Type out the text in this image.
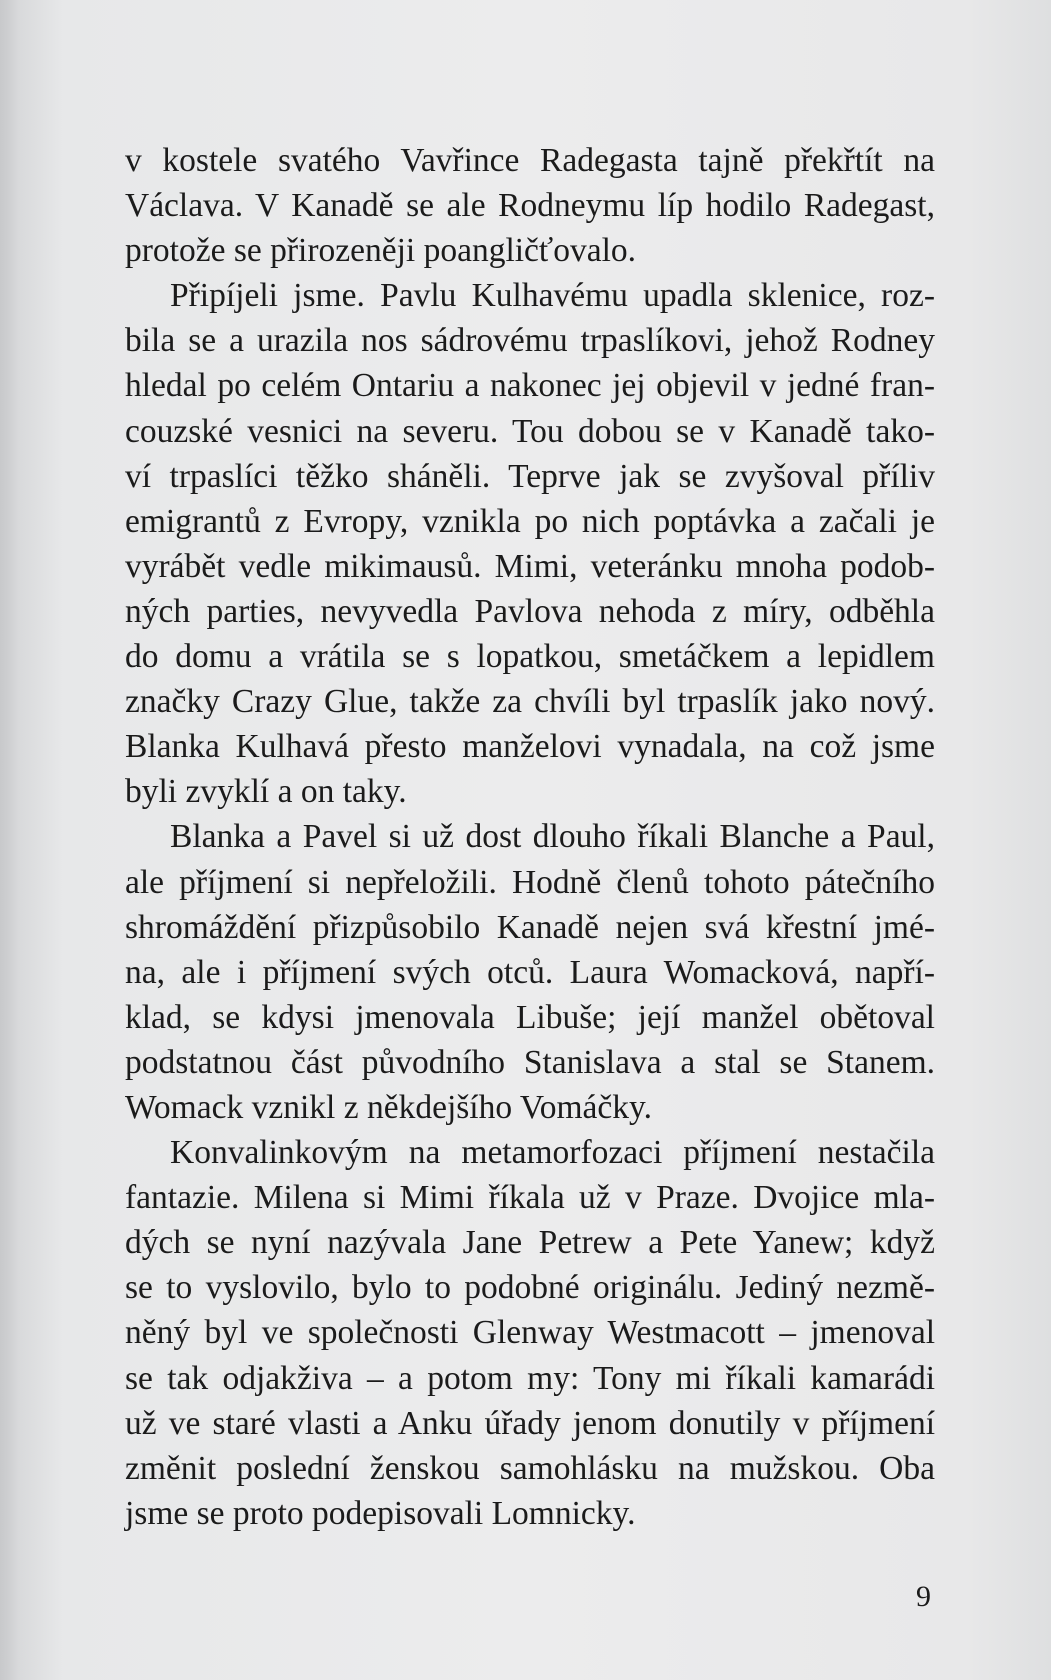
v kostele svatého Vavřince Radegasta tajně překřtít na
Václava. V Kanadě se ale Rodneymu líp hodilo Radegast,
protože se přirozeněji poangličťovalo.
Připíjeli jsme. Pavlu Kulhavému upadla sklenice, roz-
bila se a urazila nos sádrovému trpaslíkovi, jehož Rodney
hledal po celém Ontariu a nakonec jej objevil v jedné fran-
couzské vesnici na severu. Tou dobou se v Kanadě tako-
ví trpaslíci těžko sháněli. Teprve jak se zvyšoval příliv
emigrantů z Evropy, vznikla po nich poptávka a začali je
vyrábět vedle mikimausů. Mimi, veteránku mnoha podob-
ných parties, nevyvedla Pavlova nehoda z míry, odběhla
do domu a vrátila se s lopatkou, smetáčkem a lepidlem
značky Crazy Glue, takže za chvíli byl trpaslík jako nový.
Blanka Kulhavá přesto manželovi vynadala, na což jsme
byli zvyklí a on taky.
Blanka a Pavel si už dost dlouho říkali Blanche a Paul,
ale příjmení si nepřeložili. Hodně členů tohoto pátečního
shromáždění přizpůsobilo Kanadě nejen svá křestní jmé-
na, ale i příjmení svých otců. Laura Womacková, napří-
klad, se kdysi jmenovala Libuše; její manžel obětoval
podstatnou část původního Stanislava a stal se Stanem.
Womack vznikl z někdejšího Vomáčky.
Konvalinkovým na metamorfozaci příjmení nestačila
fantazie. Milena si Mimi říkala už v Praze. Dvojice mla-
dých se nyní nazývala Jane Petrew a Pete Yanew; když
se to vyslovilo, bylo to podobné originálu. Jediný nezmě-
něný byl ve společnosti Glenway Westmacott – jmenoval
se tak odjakživa – a potom my: Tony mi říkali kamarádi
už ve staré vlasti a Anku úřady jenom donutily v příjmení
změnit poslední ženskou samohlásku na mužskou. Oba
jsme se proto podepisovali Lomnicky.
9
